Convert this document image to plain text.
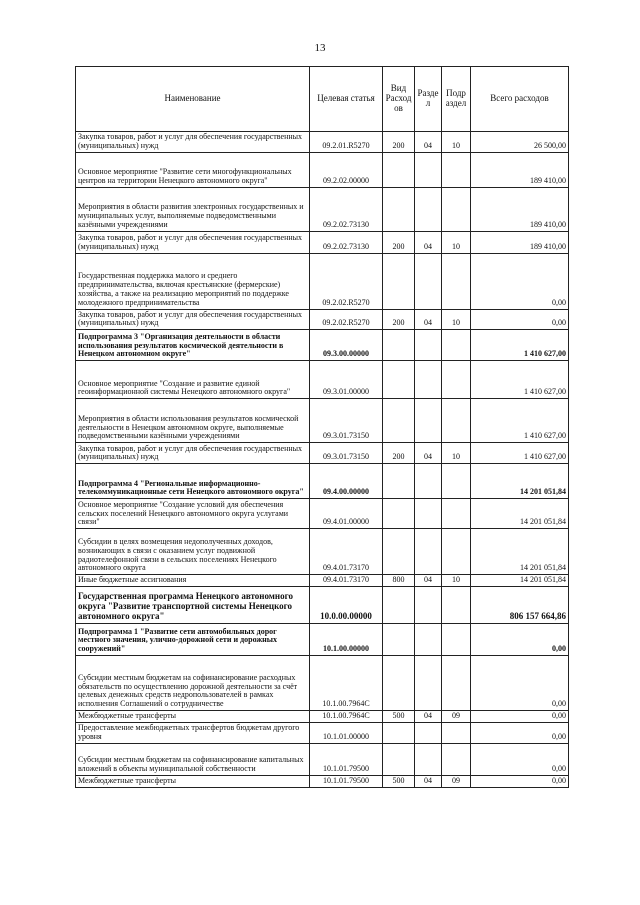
13
Наименование	Целевая статья	Вид Расход ов	Разде л	Подр аздел	Всего расходов
Закупка товаров, работ и услуг для обеспечения государственных (муниципальных) нужд	09.2.01.R5270	200	04	10	26 500,00
Основное мероприятие "Развитие сети многофункциональных центров на территории Ненецкого автономного округа"	09.2.02.00000				189 410,00
Мероприятия в области развития электронных государственных и муниципальных услуг, выполняемые подведомственными казёнными учреждениями	09.2.02.73130				189 410,00
Закупка товаров, работ и услуг для обеспечения государственных (муниципальных) нужд	09.2.02.73130	200	04	10	189 410,00
Государственная поддержка малого и среднего предпринимательства, включая крестьянские (фермерские) хозяйства, а также на реализацию мероприятий по поддержке молодежного предпринимательства	09.2.02.R5270				0,00
Закупка товаров, работ и услуг для обеспечения государственных (муниципальных) нужд	09.2.02.R5270	200	04	10	0,00
Подпрограмма 3 "Организация деятельности в области использования результатов космической деятельности в Ненецком автономном округе"	09.3.00.00000				1 410 627,00
Основное мероприятие "Создание и развитие единой геоинформационной системы Ненецкого автономного округа"	09.3.01.00000				1 410 627,00
Мероприятия в области использования результатов космической деятельности в Ненецком автономном округе, выполняемые подведомственными казёнными учреждениями	09.3.01.73150				1 410 627,00
Закупка товаров, работ и услуг для обеспечения государственных (муниципальных) нужд	09.3.01.73150	200	04	10	1 410 627,00
Подпрограмма 4 "Региональные информационно-телекоммуникационные сети Ненецкого автономного округа"	09.4.00.00000				14 201 051,84
Основное мероприятие "Создание условий для обеспечения сельских поселений Ненецкого автономного округа услугами связи"	09.4.01.00000				14 201 051,84
Субсидии в целях возмещения недополученных доходов, возникающих в связи с оказанием услуг подвижной радиотелефонной связи в сельских поселениях Ненецкого автономного округа	09.4.01.73170				14 201 051,84
Иные бюджетные ассигнования	09.4.01.73170	800	04	10	14 201 051,84
Государственная программа Ненецкого автономного округа "Развитие транспортной системы Ненецкого автономного округа"	10.0.00.00000				806 157 664,86
Подпрограмма 1 "Развитие сети автомобильных дорог местного значения, улично-дорожной сети и дорожных сооружений"	10.1.00.00000				0,00
Субсидии местным бюджетам на софинансирование расходных обязательств по осуществлению дорожной деятельности за счёт целевых денежных средств недропользователей в рамках исполнения Соглашений о сотрудничестве	10.1.00.7964C				0,00
Межбюджетные трансферты	10.1.00.7964C	500	04	09	0,00
Предоставление межбюджетных трансфертов бюджетам другого уровня	10.1.01.00000				0,00
Субсидии местным бюджетам на софинансирование капитальных вложений в объекты муниципальной собственности	10.1.01.79500				0,00
Межбюджетные трансферты	10.1.01.79500	500	04	09	0,00
